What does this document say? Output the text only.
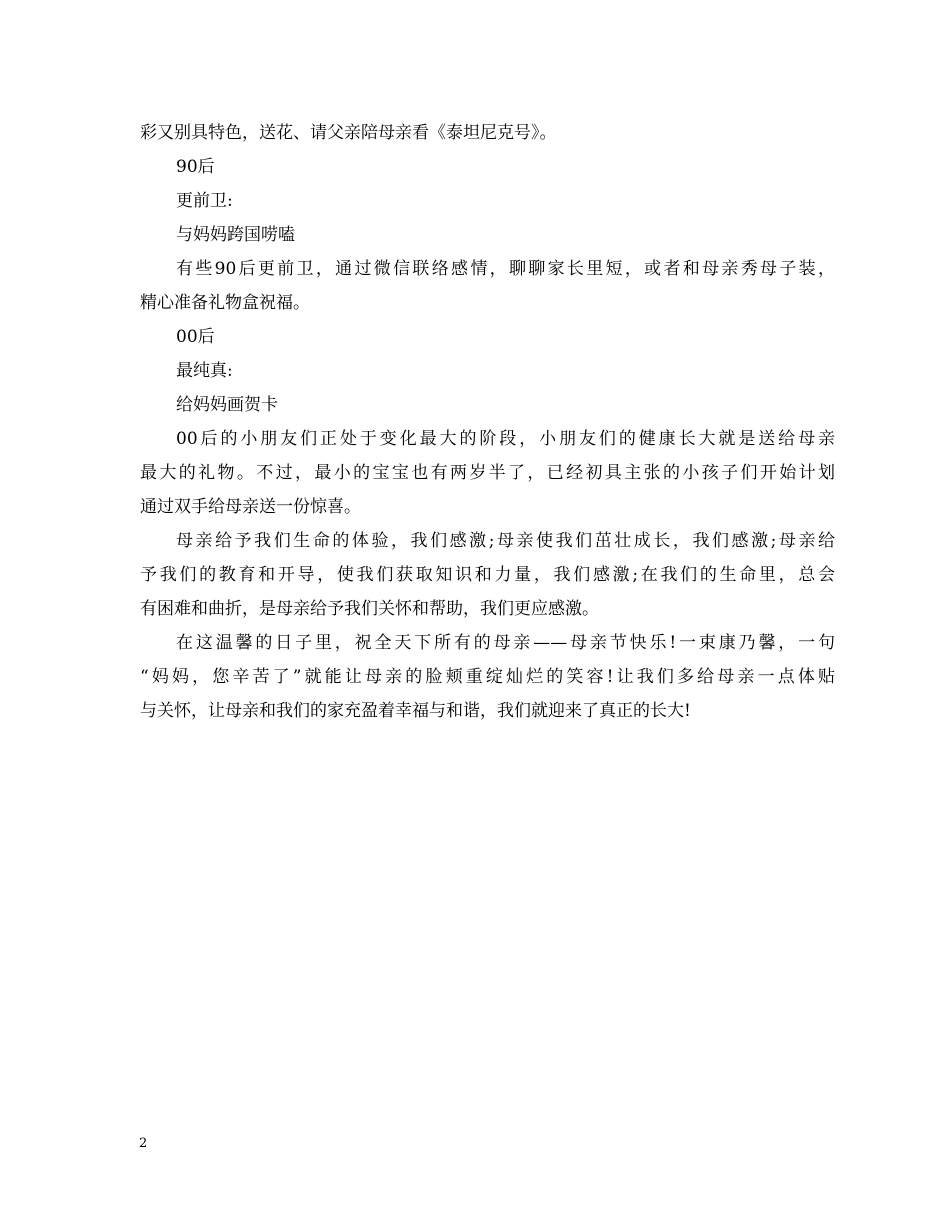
彩又别具特色，送花、请父亲陪母亲看《泰坦尼克号》。
90后
更前卫:
与妈妈跨国唠嗑
有些90后更前卫，通过微信联络感情，聊聊家长里短，或者和母亲秀母子装，
精心准备礼物盒祝福。
00后
最纯真:
给妈妈画贺卡
00后的小朋友们正处于变化最大的阶段，小朋友们的健康长大就是送给母亲
最大的礼物。不过，最小的宝宝也有两岁半了，已经初具主张的小孩子们开始计划
通过双手给母亲送一份惊喜。
母亲给予我们生命的体验，我们感激;母亲使我们茁壮成长，我们感激;母亲给
予我们的教育和开导，使我们获取知识和力量，我们感激;在我们的生命里，总会
有困难和曲折，是母亲给予我们关怀和帮助，我们更应感激。
在这温馨的日子里，祝全天下所有的母亲——母亲节快乐!一束康乃馨，一句
“妈妈，您辛苦了”就能让母亲的脸颊重绽灿烂的笑容!让我们多给母亲一点体贴
与关怀，让母亲和我们的家充盈着幸福与和谐，我们就迎来了真正的长大!
2
